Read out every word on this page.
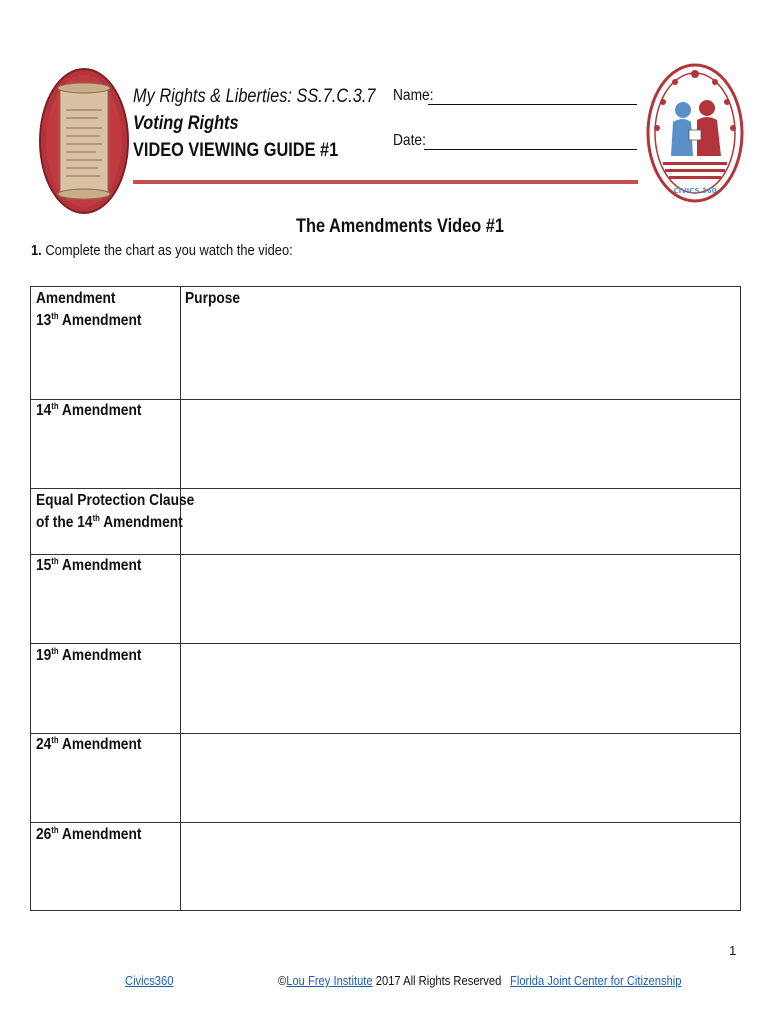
CIVICS 360
My Rights & Liberties: SS.7.C.3.7
Voting Rights
VIDEO VIEWING GUIDE #1
Name:
Date:
The Amendments Video #1
1. Complete the chart as you watch the video:
Amendment	Purpose
13th Amendment
14th Amendment
Equal Protection Clause
of the 14th Amendment
15th Amendment
19th Amendment
24th Amendment
26th Amendment
1
Civics360	©Lou Frey Institute 2017 All Rights Reserved Florida Joint Center for Citizenship
